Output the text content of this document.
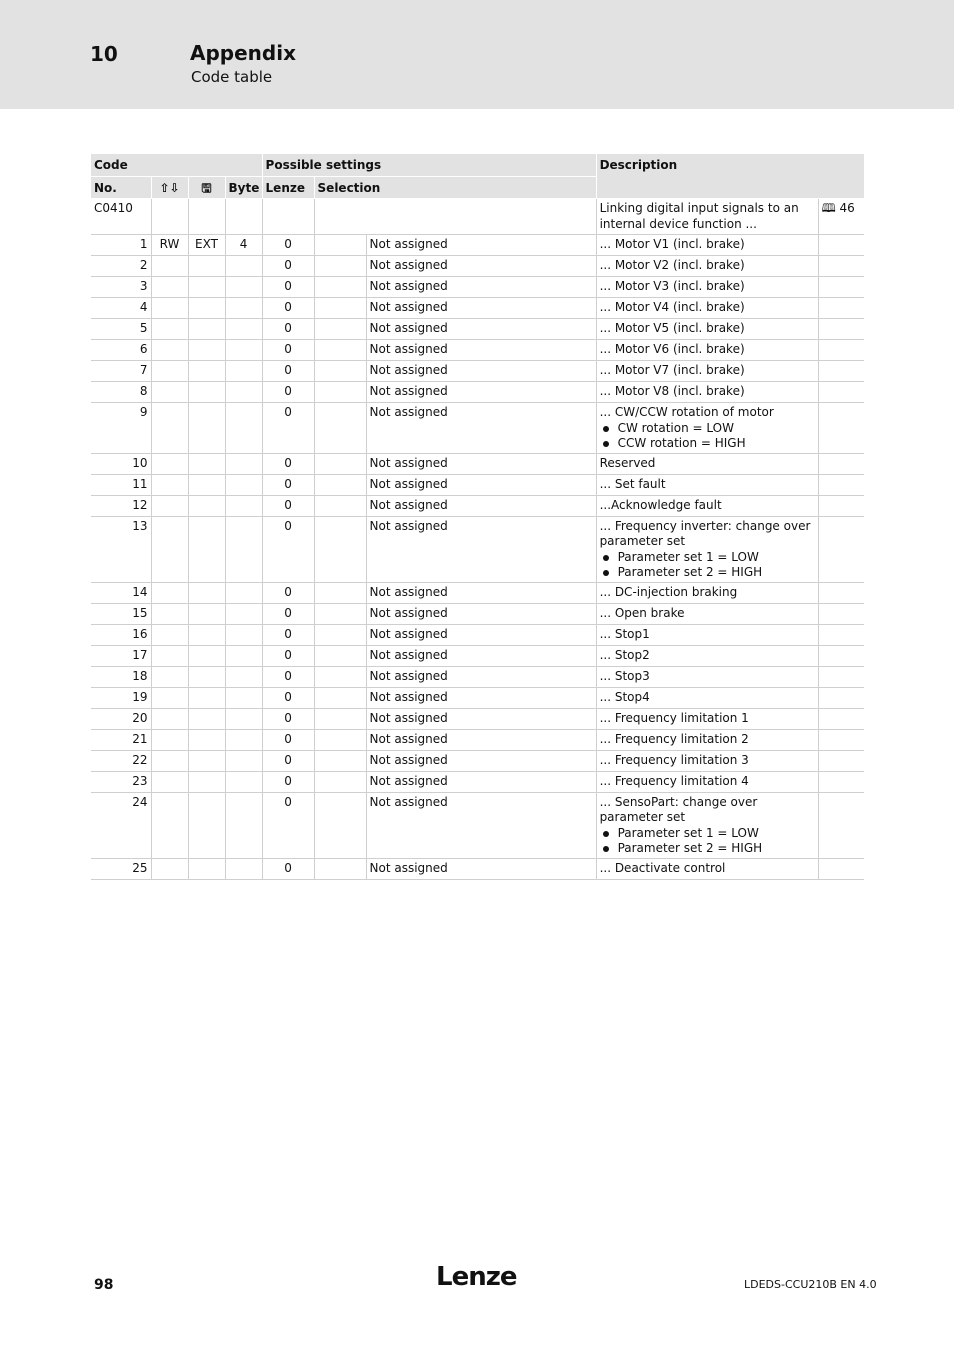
10	Appendix
Code table
Code				Possible settings			Description	
No.	⇧⇩	🖫	Byte	Lenze	Selection			
C0410							Linking digital input signals to an internal device function ...	🕮 46
1	RW	EXT	4	0		Not assigned	... Motor V1 (incl. brake)	
2				0		Not assigned	... Motor V2 (incl. brake)	
3				0		Not assigned	... Motor V3 (incl. brake)	
4				0		Not assigned	... Motor V4 (incl. brake)	
5				0		Not assigned	... Motor V5 (incl. brake)	
6				0		Not assigned	... Motor V6 (incl. brake)	
7				0		Not assigned	... Motor V7 (incl. brake)	
8				0		Not assigned	... Motor V8 (incl. brake)	
9				0		Not assigned	... CW/CCW rotation of motor
CW rotation = LOW
CCW rotation = HIGH	

10				0		Not assigned	Reserved	
11				0		Not assigned	... Set fault	
12				0		Not assigned	...Acknowledge fault	
13				0		Not assigned	... Frequency inverter: change over parameter set
Parameter set 1 = LOW
Parameter set 2 = HIGH	

14				0		Not assigned	... DC-injection braking	
15				0		Not assigned	... Open brake	
16				0		Not assigned	... Stop1	
17				0		Not assigned	... Stop2	
18				0		Not assigned	... Stop3	
19				0		Not assigned	... Stop4	
20				0		Not assigned	... Frequency limitation 1	
21				0		Not assigned	... Frequency limitation 2	
22				0		Not assigned	... Frequency limitation 3	
23				0		Not assigned	... Frequency limitation 4	
24				0		Not assigned	... SensoPart: change over parameter set
Parameter set 1 = LOW
Parameter set 2 = HIGH	

25				0		Not assigned	... Deactivate control	
98	Lenze	LDEDS-CCU210B EN 4.0
